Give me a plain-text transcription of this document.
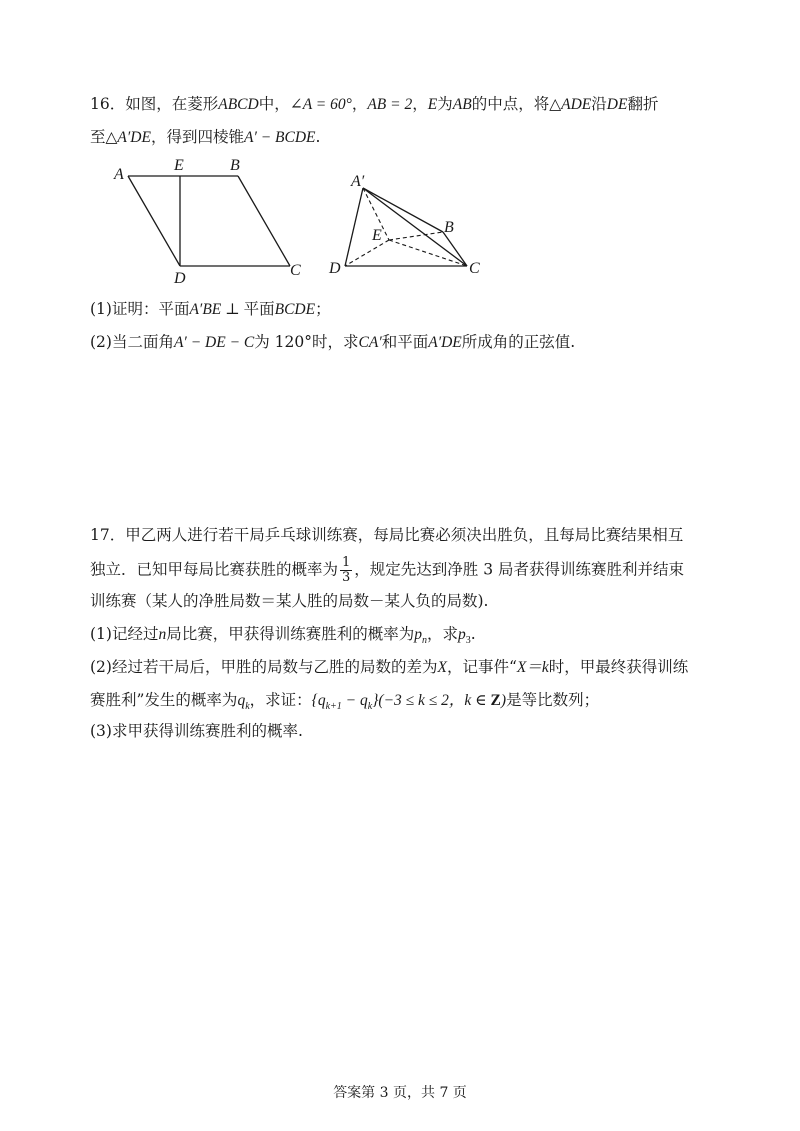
16．如图，在菱形ABCD中，∠A = 60°，AB = 2，E为AB的中点，将△ADE沿DE翻折
至△A′DE，得到四棱锥A′ − BCDE.
A
E	B
D	C
A′
E	B
D	C
(1)证明：平面A′BE ⊥ 平面BCDE；
(2)当二面角A′ − DE − C为 120°时，求CA′和平面A′DE所成角的正弦值.
17．甲乙两人进行若干局乒乓球训练赛，每局比赛必须决出胜负，且每局比赛结果相互
独立．已知甲每局比赛获胜的概率为 $\frac{1}{3}$ ，规定先达到净胜 3 局者获得训练赛胜利并结束
训练赛（某人的净胜局数＝某人胜的局数－某人负的局数).
(1)记经过n局比赛，甲获得训练赛胜利的概率为$p_n$，求$p_3$.
(2)经过若干局后，甲胜的局数与乙胜的局数的差为X，记事件“X＝k时，甲最终获得训练
赛胜利”发生的概率为$q_k$，求证：$\{q_{k+1} - q_k\}(-3 \le k \le 2$，k ∈ Z)是等比数列；
(3)求甲获得训练赛胜利的概率.
答案第 3 页，共 7 页
